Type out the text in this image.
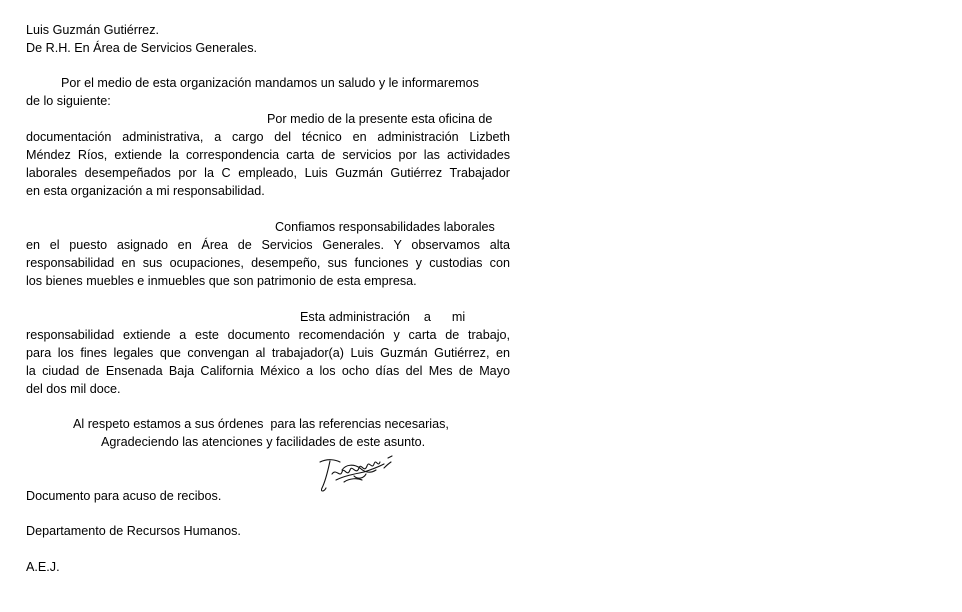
Luis Guzmán Gutiérrez.
De R.H. En Área de Servicios Generales.
Por el medio de esta organización mandamos un saludo y le informaremos
de lo siguiente:
Por medio de la presente esta oficina de
documentación administrativa, a cargo del técnico en administración Lizbeth
Méndez Ríos, extiende la correspondencia carta de servicios por las actividades
laborales desempeñados por la C empleado, Luis Guzmán Gutiérrez Trabajador
en esta organización a mi responsabilidad.
Confiamos responsabilidades laborales
en el puesto asignado en Área de Servicios Generales. Y observamos alta
responsabilidad en sus ocupaciones, desempeño, sus funciones y custodias con
los bienes muebles e inmuebles que son patrimonio de esta empresa.
Esta administración    a      mi
responsabilidad extiende a este documento recomendación y carta de trabajo,
para los fines legales que convengan al trabajador(a) Luis Guzmán Gutiérrez, en
la ciudad de Ensenada Baja California México a los ocho días del Mes de Mayo
del dos mil doce.
Al respeto estamos a sus órdenes  para las referencias necesarias,
Agradeciendo las atenciones y facilidades de este asunto.
Documento para acuso de recibos.
Departamento de Recursos Humanos.
A.E.J.
